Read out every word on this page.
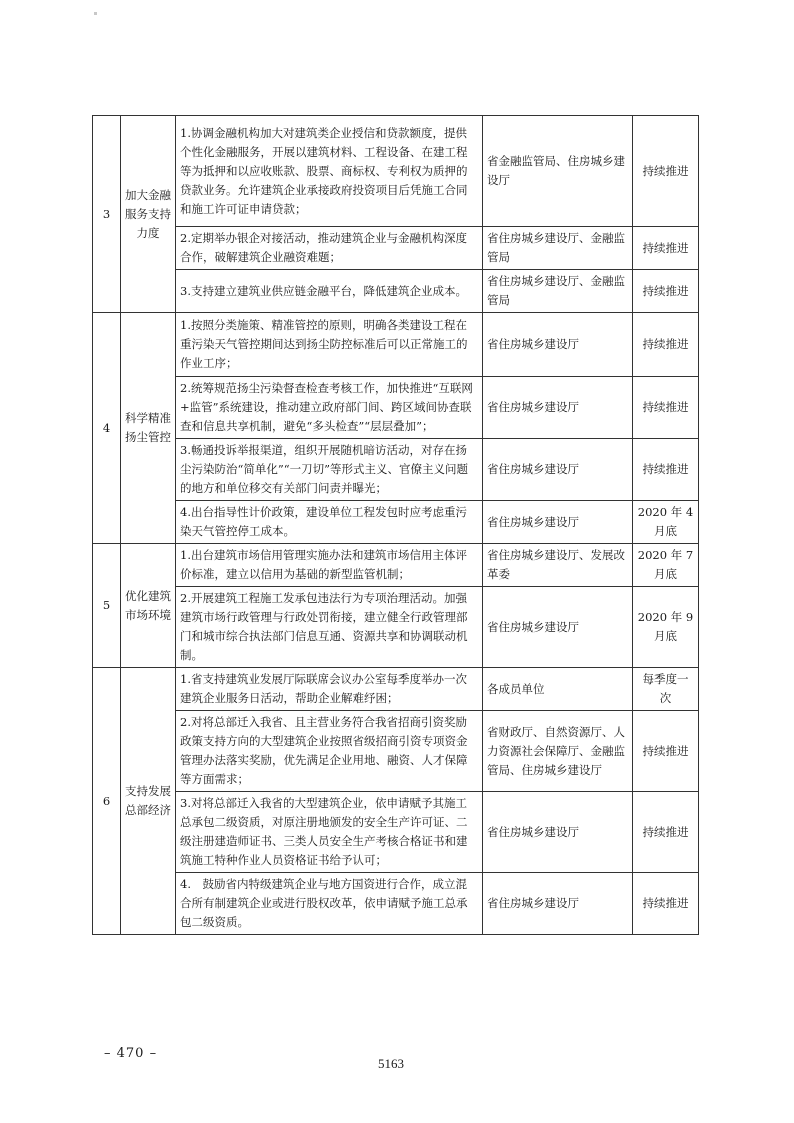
3	加大金融服务支持力度	1.协调金融机构加大对建筑类企业授信和贷款额度，提供个性化金融服务，开展以建筑材料、工程设备、在建工程等为抵押和以应收账款、股票、商标权、专利权为质押的贷款业务。允许建筑企业承接政府投资项目后凭施工合同和施工许可证申请贷款；	省金融监管局、住房城乡建设厅	持续推进
		2.定期举办银企对接活动，推动建筑企业与金融机构深度合作，破解建筑企业融资难题；	省住房城乡建设厅、金融监管局	持续推进
		3.支持建立建筑业供应链金融平台，降低建筑企业成本。	省住房城乡建设厅、金融监管局	持续推进
4	科学精准扬尘管控	1.按照分类施策、精准管控的原则，明确各类建设工程在重污染天气管控期间达到扬尘防控标准后可以正常施工的作业工序；	省住房城乡建设厅	持续推进
		2.统筹规范扬尘污染督查检查考核工作，加快推进“互联网+监管”系统建设，推动建立政府部门间、跨区域间协查联查和信息共享机制，避免“多头检查”“层层叠加”；	省住房城乡建设厅	持续推进
		3.畅通投诉举报渠道，组织开展随机暗访活动，对存在扬尘污染防治“简单化”“一刀切”等形式主义、官僚主义问题的地方和单位移交有关部门问责并曝光；	省住房城乡建设厅	持续推进
		4.出台指导性计价政策，建设单位工程发包时应考虑重污染天气管控停工成本。	省住房城乡建设厅	2020 年 4 月底
5	优化建筑市场环境	1.出台建筑市场信用管理实施办法和建筑市场信用主体评价标准，建立以信用为基础的新型监管机制；	省住房城乡建设厅、发展改革委	2020 年 7 月底
		2.开展建筑工程施工发承包违法行为专项治理活动。加强建筑市场行政管理与行政处罚衔接，建立健全行政管理部门和城市综合执法部门信息互通、资源共享和协调联动机制。	省住房城乡建设厅	2020 年 9 月底
6	支持发展总部经济	1.省支持建筑业发展厅际联席会议办公室每季度举办一次建筑企业服务日活动，帮助企业解难纾困；	各成员单位	每季度一次
		2.对将总部迁入我省、且主营业务符合我省招商引资奖励政策支持方向的大型建筑企业按照省级招商引资专项资金管理办法落实奖励，优先满足企业用地、融资、人才保障等方面需求；	省财政厅、自然资源厅、人力资源社会保障厅、金融监管局、住房城乡建设厅	持续推进
		3.对将总部迁入我省的大型建筑企业，依申请赋予其施工总承包二级资质，对原注册地颁发的安全生产许可证、二级注册建造师证书、三类人员安全生产考核合格证书和建筑施工特种作业人员资格证书给予认可；	省住房城乡建设厅	持续推进
		4.　鼓励省内特级建筑企业与地方国资进行合作，成立混合所有制建筑企业或进行股权改革，依申请赋予施工总承包二级资质。	省住房城乡建设厅	持续推进
– 470 –
5163
